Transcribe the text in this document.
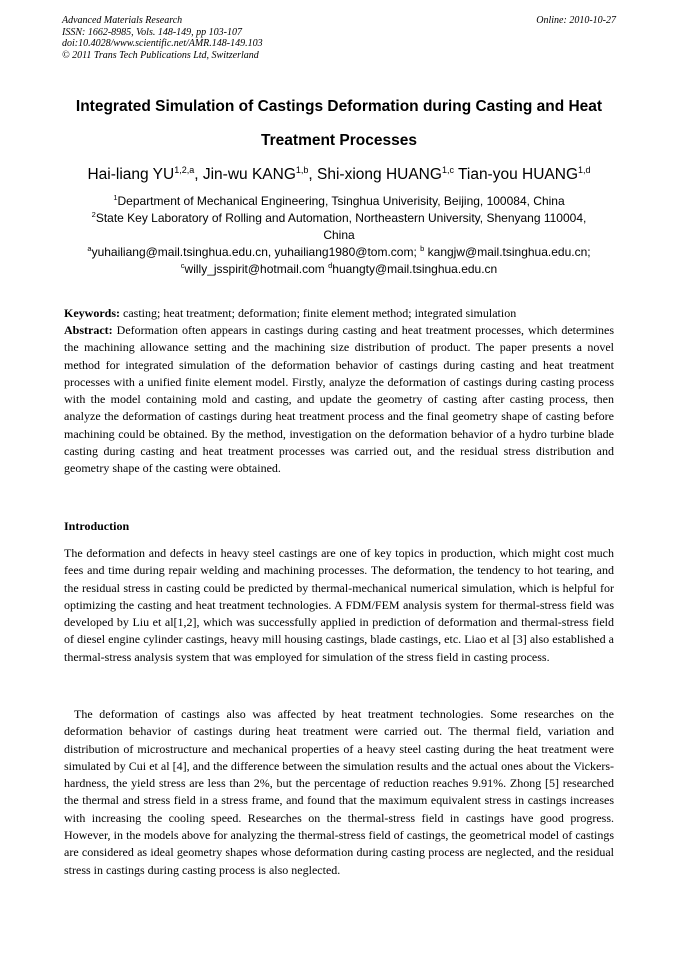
Advanced Materials Research
ISSN: 1662-8985, Vols. 148-149, pp 103-107
doi:10.4028/www.scientific.net/AMR.148-149.103
© 2011 Trans Tech Publications Ltd, Switzerland
Online: 2010-10-27
Integrated Simulation of Castings Deformation during Casting and Heat Treatment Processes
Hai-liang YU$^{1,2,a}$, Jin-wu KANG$^{1,b}$, Shi-xiong HUANG$^{1,c}$ Tian-you HUANG$^{1,d}$
$^1$Department of Mechanical Engineering, Tsinghua Univerisity, Beijing, 100084, China
$^2$State Key Laboratory of Rolling and Automation, Northeastern University, Shenyang 110004,
China
$^a$yuhailiang@mail.tsinghua.edu.cn, yuhailiang1980@tom.com; $^b$ kangjw@mail.tsinghua.edu.cn;
$^c$willy_jsspirit@hotmail.com $^d$huangty@mail.tsinghua.edu.cn
Keywords: casting; heat treatment; deformation; finite element method; integrated simulation
Abstract: Deformation often appears in castings during casting and heat treatment processes, which determines the machining allowance setting and the machining size distribution of product. The paper presents a novel method for integrated simulation of the deformation behavior of castings during casting and heat treatment processes with a unified finite element model. Firstly, analyze the deformation of castings during casting process with the model containing mold and casting, and update the geometry of casting after casting process, then analyze the deformation of castings during heat treatment process and the final geometry shape of casting before machining could be obtained. By the method, investigation on the deformation behavior of a hydro turbine blade casting during casting and heat treatment processes was carried out, and the residual stress distribution and geometry shape of the casting were obtained.
Introduction
The deformation and defects in heavy steel castings are one of key topics in production, which might cost much fees and time during repair welding and machining processes. The deformation, the tendency to hot tearing, and the residual stress in casting could be predicted by thermal-mechanical numerical simulation, which is helpful for optimizing the casting and heat treatment technologies. A FDM/FEM analysis system for thermal-stress field was developed by Liu et al[1,2], which was successfully applied in prediction of deformation and thermal-stress field of diesel engine cylinder castings, heavy mill housing castings, blade castings, etc. Liao et al [3] also established a thermal-stress analysis system that was employed for simulation of the stress field in casting process.
The deformation of castings also was affected by heat treatment technologies. Some researches on the deformation behavior of castings during heat treatment were carried out. The thermal field, variation and distribution of microstructure and mechanical properties of a heavy steel casting during the heat treatment were simulated by Cui et al [4], and the difference between the simulation results and the actual ones about the Vickers-hardness, the yield stress are less than 2%, but the percentage of reduction reaches 9.91%. Zhong [5] researched the thermal and stress field in a stress frame, and found that the maximum equivalent stress in castings increases with increasing the cooling speed. Researches on the thermal-stress field in castings have good progress. However, in the models above for analyzing the thermal-stress field of castings, the geometrical model of castings are considered as ideal geometry shapes whose deformation during casting process are neglected, and the residual stress in castings during casting process is also neglected.
